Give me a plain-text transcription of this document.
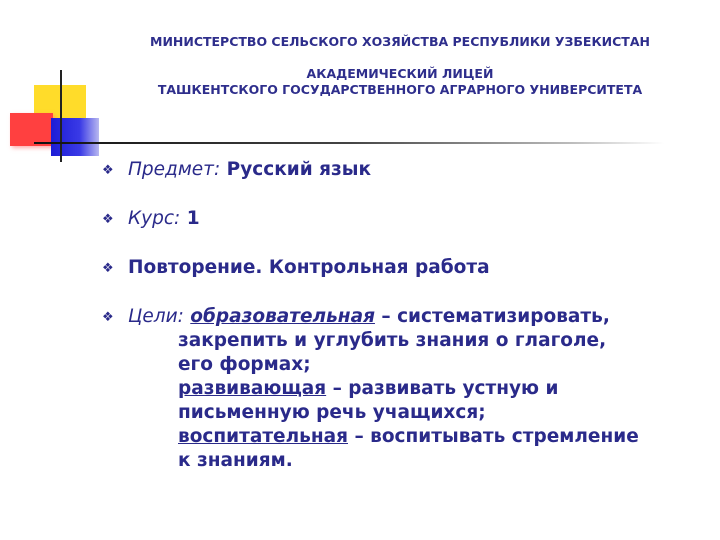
МИНИСТЕРСТВО СЕЛЬСКОГО ХОЗЯЙСТВА РЕСПУБЛИКИ УЗБЕКИСТАН
АКАДЕМИЧЕСКИЙ ЛИЦЕЙ
ТАШКЕНТСКОГО ГОСУДАРСТВЕННОГО АГРАРНОГО УНИВЕРСИТЕТА
❖ Предмет: Русский язык
❖ Курс: 1
❖ Повторение. Контрольная работа
❖ Цели: образовательная – систематизировать,
закрепить и углубить знания о глаголе,
его формах;
развивающая – развивать устную и
письменную речь учащихся;
воспитательная – воспитывать стремление
к знаниям.
